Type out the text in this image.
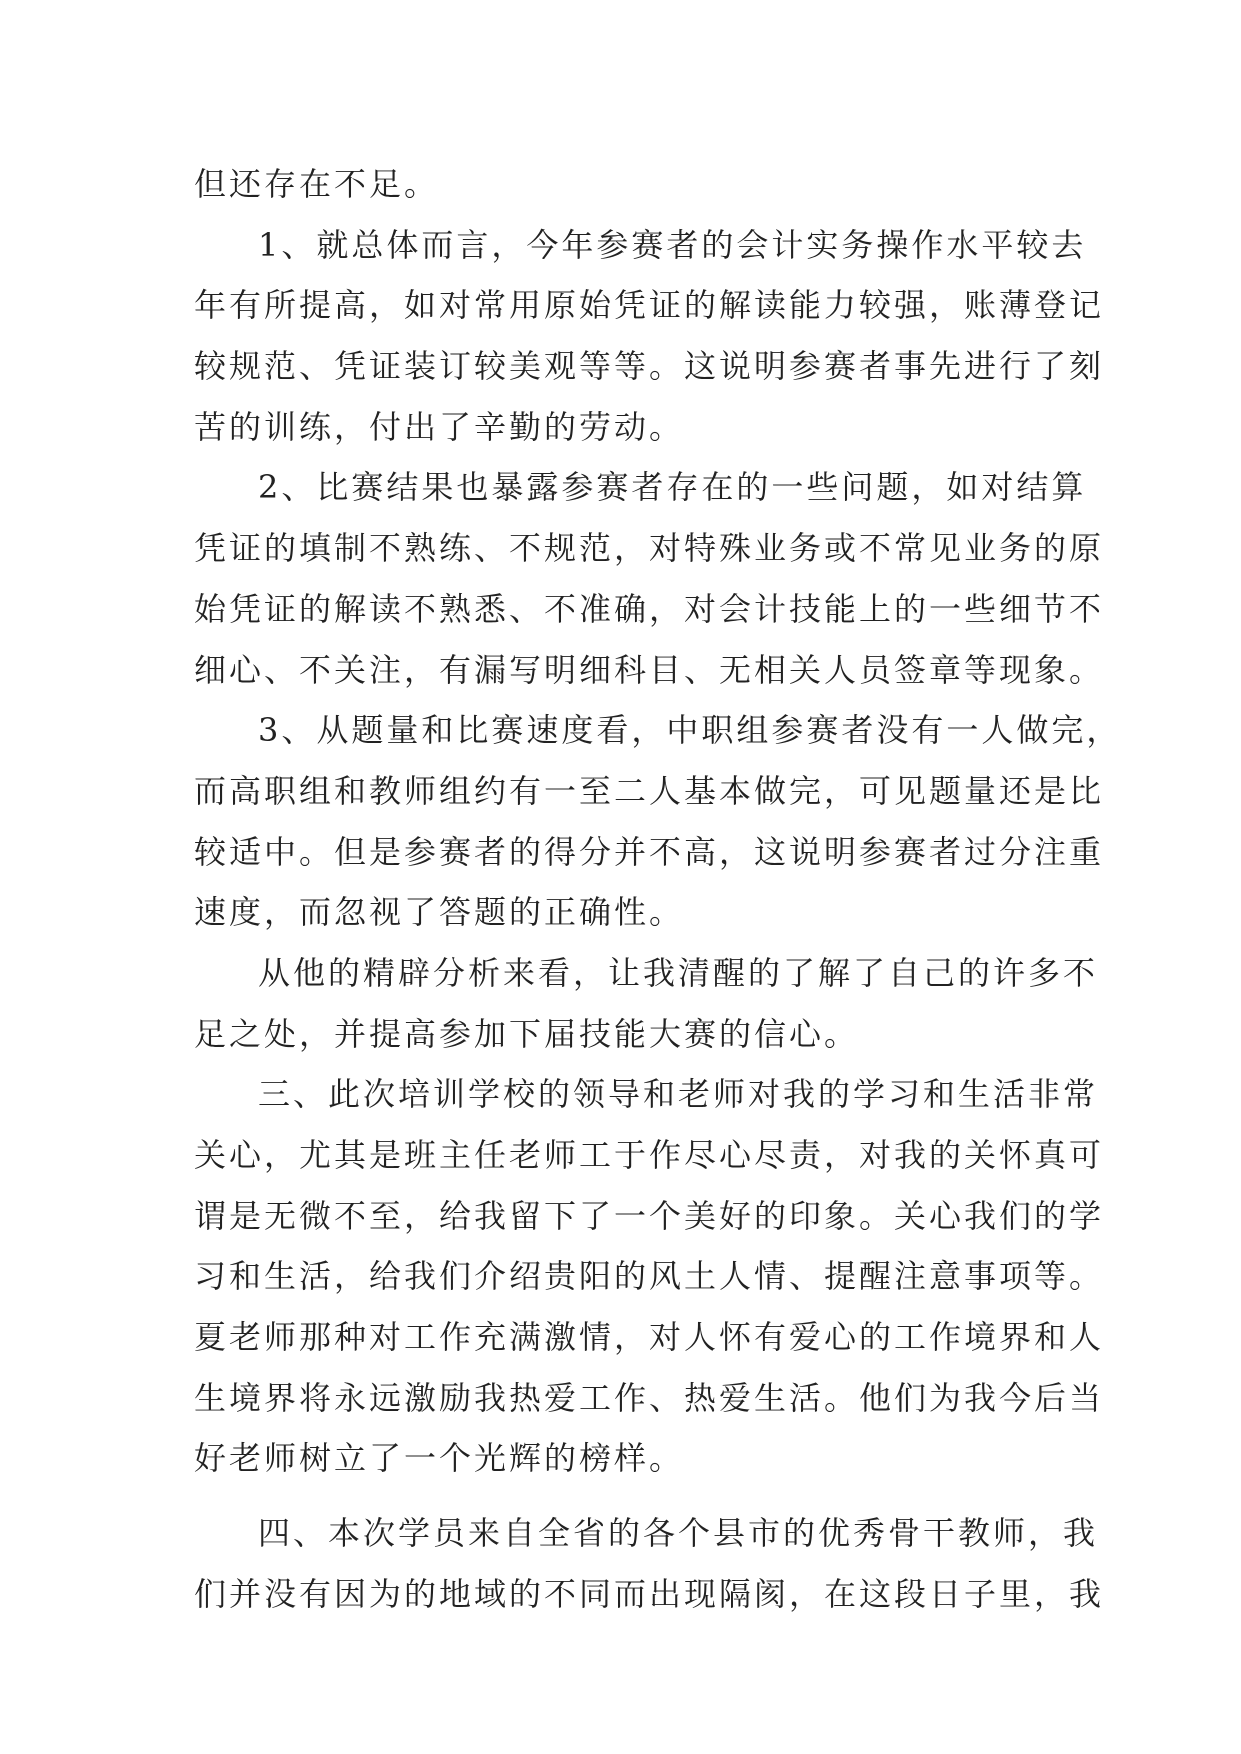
但还存在不足。
1、就总体而言，今年参赛者的会计实务操作水平较去
年有所提高，如对常用原始凭证的解读能力较强，账薄登记
较规范、凭证装订较美观等等。这说明参赛者事先进行了刻
苦的训练，付出了辛勤的劳动。
2、比赛结果也暴露参赛者存在的一些问题，如对结算
凭证的填制不熟练、不规范，对特殊业务或不常见业务的原
始凭证的解读不熟悉、不准确，对会计技能上的一些细节不
细心、不关注，有漏写明细科目、无相关人员签章等现象。
3、从题量和比赛速度看，中职组参赛者没有一人做完，
而高职组和教师组约有一至二人基本做完，可见题量还是比
较适中。但是参赛者的得分并不高，这说明参赛者过分注重
速度，而忽视了答题的正确性。
从他的精辟分析来看，让我清醒的了解了自己的许多不
足之处，并提高参加下届技能大赛的信心。
三、此次培训学校的领导和老师对我的学习和生活非常
关心，尤其是班主任老师工于作尽心尽责，对我的关怀真可
谓是无微不至，给我留下了一个美好的印象。关心我们的学
习和生活，给我们介绍贵阳的风土人情、提醒注意事项等。
夏老师那种对工作充满激情，对人怀有爱心的工作境界和人
生境界将永远激励我热爱工作、热爱生活。他们为我今后当
好老师树立了一个光辉的榜样。
四、本次学员来自全省的各个县市的优秀骨干教师，我
们并没有因为的地域的不同而出现隔阂，在这段日子里，我
